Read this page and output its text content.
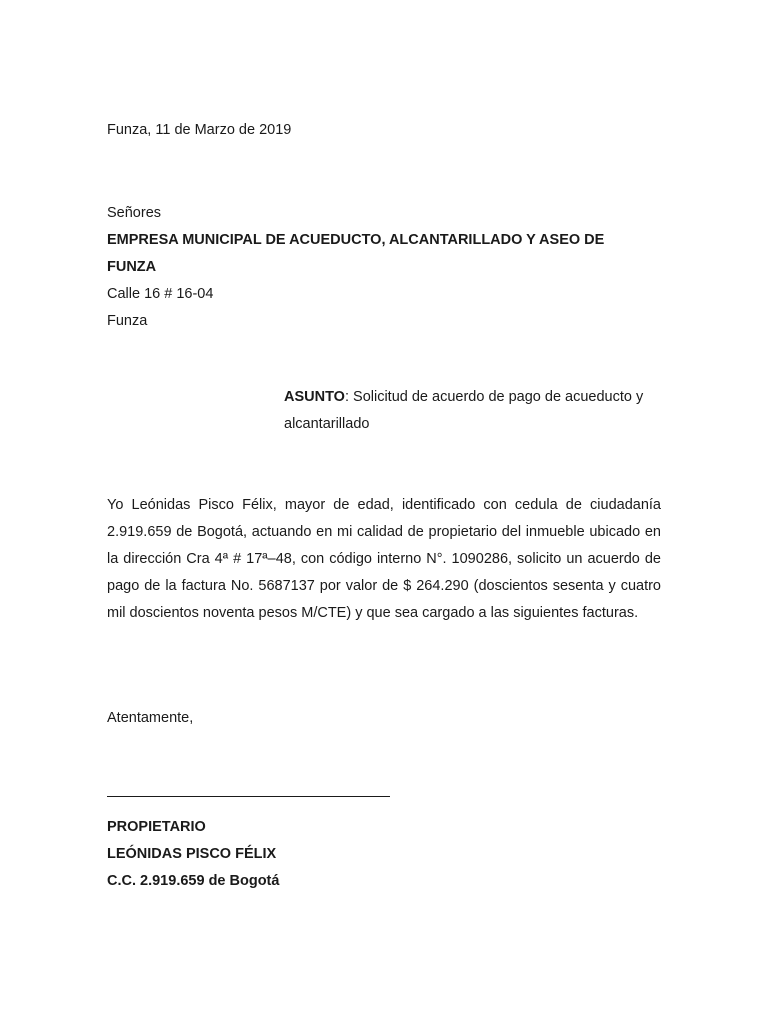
Funza, 11 de Marzo de 2019
Señores
EMPRESA MUNICIPAL DE ACUEDUCTO, ALCANTARILLADO Y ASEO DE
FUNZA
Calle 16 # 16-04
Funza
ASUNTO: Solicitud de acuerdo de pago de acueducto y alcantarillado
Yo Leónidas Pisco Félix, mayor de edad, identificado con cedula de ciudadanía 2.919.659 de Bogotá, actuando en mi calidad de propietario del inmueble ubicado en la dirección Cra 4ª # 17ª–48, con código interno N°. 1090286, solicito un acuerdo de pago de la factura No. 5687137 por valor de $ 264.290 (doscientos sesenta y cuatro mil doscientos noventa pesos M/CTE) y que sea cargado a las siguientes facturas.
Atentamente,
PROPIETARIO
LEÓNIDAS PISCO FÉLIX
C.C. 2.919.659 de Bogotá
